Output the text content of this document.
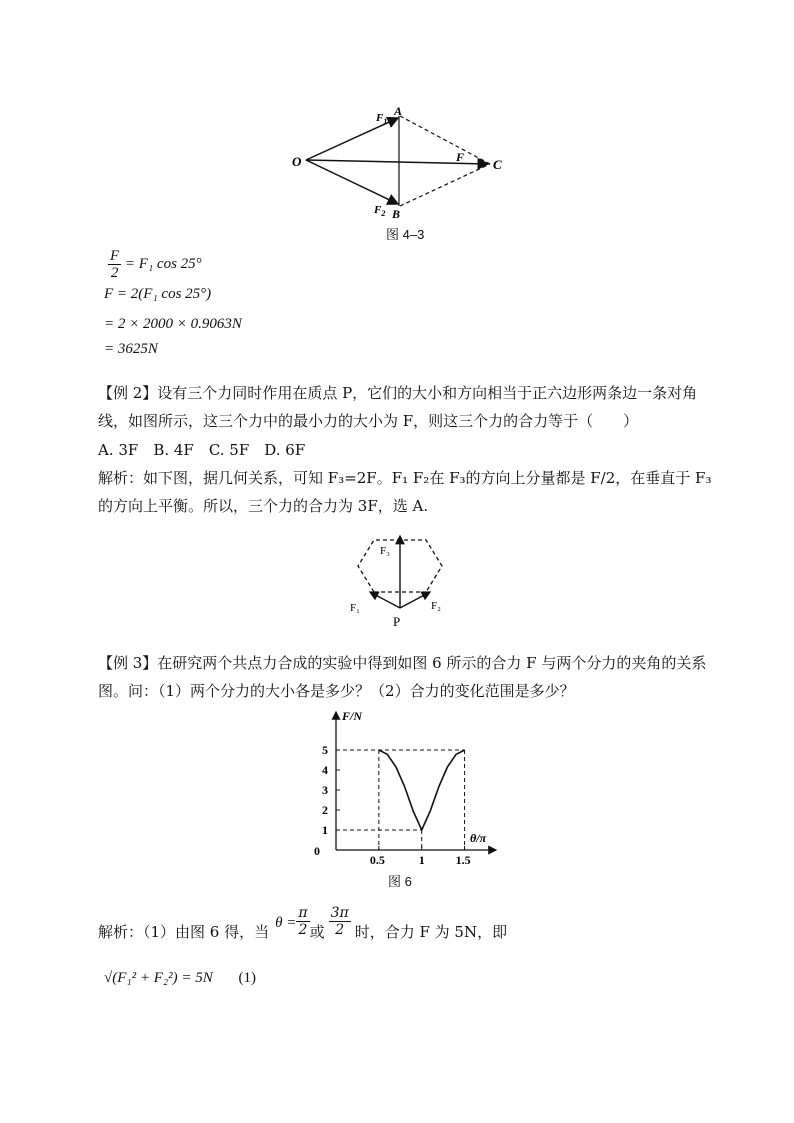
O
A
B
C
F
$F_1$
$F_2$
图 4–3
$\frac{F}{2} = F_1$ cos 25°
F = 2(F₁ cos 25°)
= 2 × 2000 × 0.9063N
= 3625N
【例 2】设有三个力同时作用在质点 P，它们的大小和方向相当于正六边形两条边一条对角线，如图所示，这三个力中的最小力的大小为 F，则这三个力的合力等于（　　）
A. 3F　B. 4F　C. 5F　D. 6F
解析：如下图，据几何关系，可知 F₃=2F。F₁ F₂在 F₃的方向上分量都是 F/2，在垂直于 F₃的方向上平衡。所以，三个力的合力为 3F，选 A.
F₃
F₁	F₂
P
【例 3】在研究两个共点力合成的实验中得到如图 6 所示的合力 F 与两个分力的夹角的关系图。问：（1）两个分力的大小各是多少？（2）合力的变化范围是多少？
F/N
θ/π
0
1
2
3
4
5
0.5	1	1.5
图 6
解析：（1）由图 6 得，当 $\theta = \frac{\pi}{2}$ 或 $\frac{3\pi}{2}$ 时，合力 F 为 5N，即
√(F₁² + F₂²) = 5N (1)
